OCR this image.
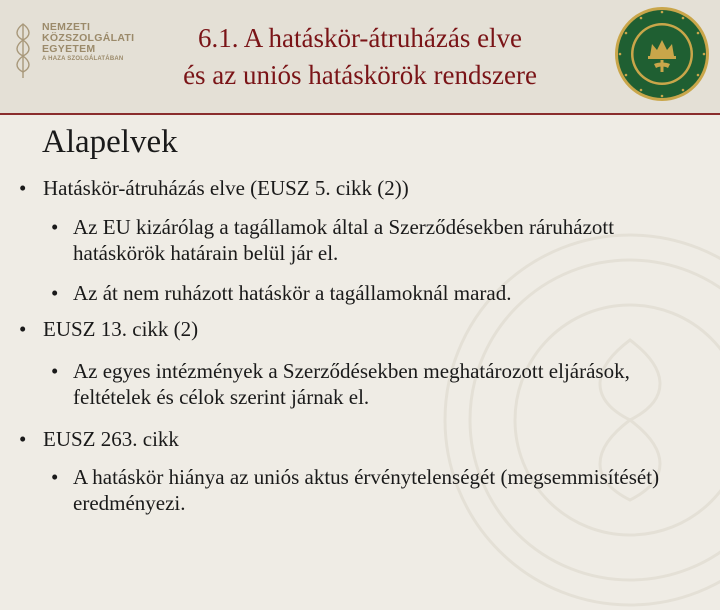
NEMZETI
KÖZSZOLGÁLATI
EGYETEM
A HAZA SZOLGÁLATÁBAN
6.1. A hatáskör-átruházás elve
és az uniós hatáskörök rendszere
Alapelvek
• Hatáskör-átruházás elve (EUSZ 5. cikk (2))
• Az EU kizárólag a tagállamok által a Szerződésekben ráruházott hatáskörök határain belül jár el.
• Az át nem ruházott hatáskör a tagállamoknál marad.
• EUSZ 13. cikk (2)
• Az egyes intézmények a Szerződésekben meghatározott eljárások, feltételek és célok szerint járnak el.
• EUSZ 263. cikk
• A hatáskör hiánya az uniós aktus érvénytelenségét (megsemmisítését) eredményezi.
